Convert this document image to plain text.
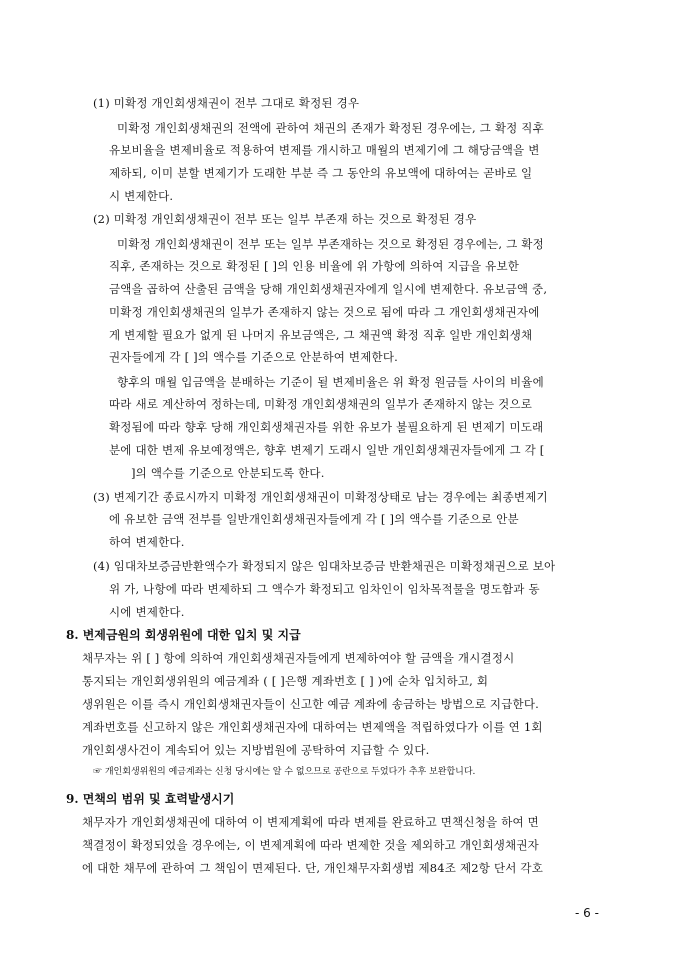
(1) 미확정 개인회생채권이 전부 그대로 확정된 경우
미확정 개인회생채권의 전액에 관하여 채권의 존재가 확정된 경우에는, 그 확정 직후
유보비율을 변제비율로 적용하여 변제를 개시하고 매월의 변제기에 그 해당금액을 변
제하되, 이미 분할 변제기가 도래한 부분 즉 그 동안의 유보액에 대하여는 곧바로 일
시 변제한다.
(2) 미확정 개인회생채권이 전부 또는 일부 부존재 하는 것으로 확정된 경우
미확정 개인회생채권이 전부 또는 일부 부존재하는 것으로 확정된 경우에는, 그 확정
직후, 존재하는 것으로 확정된 [ ]의 인용 비율에 위 가항에 의하여 지급을 유보한
금액을 곱하여 산출된 금액을 당해 개인회생채권자에게 일시에 변제한다. 유보금액 중,
미확정 개인회생채권의 일부가 존재하지 않는 것으로 됨에 따라 그 개인회생채권자에
게 변제할 필요가 없게 된 나머지 유보금액은, 그 채권액 확정 직후 일반 개인회생채
권자들에게 각 [ ]의 액수를 기준으로 안분하여 변제한다.
향후의 매월 입금액을 분배하는 기준이 될 변제비율은 위 확정 원금들 사이의 비율에
따라 새로 계산하여 정하는데, 미확정 개인회생채권의 일부가 존재하지 않는 것으로
확정됨에 따라 향후 당해 개인회생채권자를 위한 유보가 불필요하게 된 변제기 미도래
분에 대한 변제 유보예정액은, 향후 변제기 도래시 일반 개인회생채권자들에게 그 각 [
]의 액수를 기준으로 안분되도록 한다.
(3) 변제기간 종료시까지 미확정 개인회생채권이 미확정상태로 남는 경우에는 최종변제기
에 유보한 금액 전부를 일반개인회생채권자들에게 각 [ ]의 액수를 기준으로 안분
하여 변제한다.
(4) 임대차보증금반환액수가 확정되지 않은 임대차보증금 반환채권은 미확정채권으로 보아
위 가, 나항에 따라 변제하되 그 액수가 확정되고 임차인이 임차목적물을 명도함과 동
시에 변제한다.
8. 변제금원의 회생위원에 대한 입치 및 지급
채무자는 위 [ ] 항에 의하여 개인회생채권자들에게 변제하여야 할 금액을 개시결정시
통지되는 개인회생위원의 예금계좌 ( [ ]은행 계좌번호 [ ] )에 순차 입치하고, 회
생위원은 이를 즉시 개인회생채권자들이 신고한 예금 계좌에 송금하는 방법으로 지급한다.
계좌번호를 신고하지 않은 개인회생채권자에 대하여는 변제액을 적립하였다가 이를 연 1회
개인회생사건이 계속되어 있는 지방법원에 공탁하여 지급할 수 있다.
☞ 개인회생위원의 예금계좌는 신청 당시에는 알 수 없으므로 공란으로 두었다가 추후 보완합니다.
9. 면책의 범위 및 효력발생시기
채무자가 개인회생채권에 대하여 이 변제계획에 따라 변제를 완료하고 면책신청을 하여 면
책결정이 확정되었을 경우에는, 이 변제계획에 따라 변제한 것을 제외하고 개인회생채권자
에 대한 채무에 관하여 그 책임이 면제된다. 단, 개인채무자회생법 제84조 제2항 단서 각호
- 6 -
